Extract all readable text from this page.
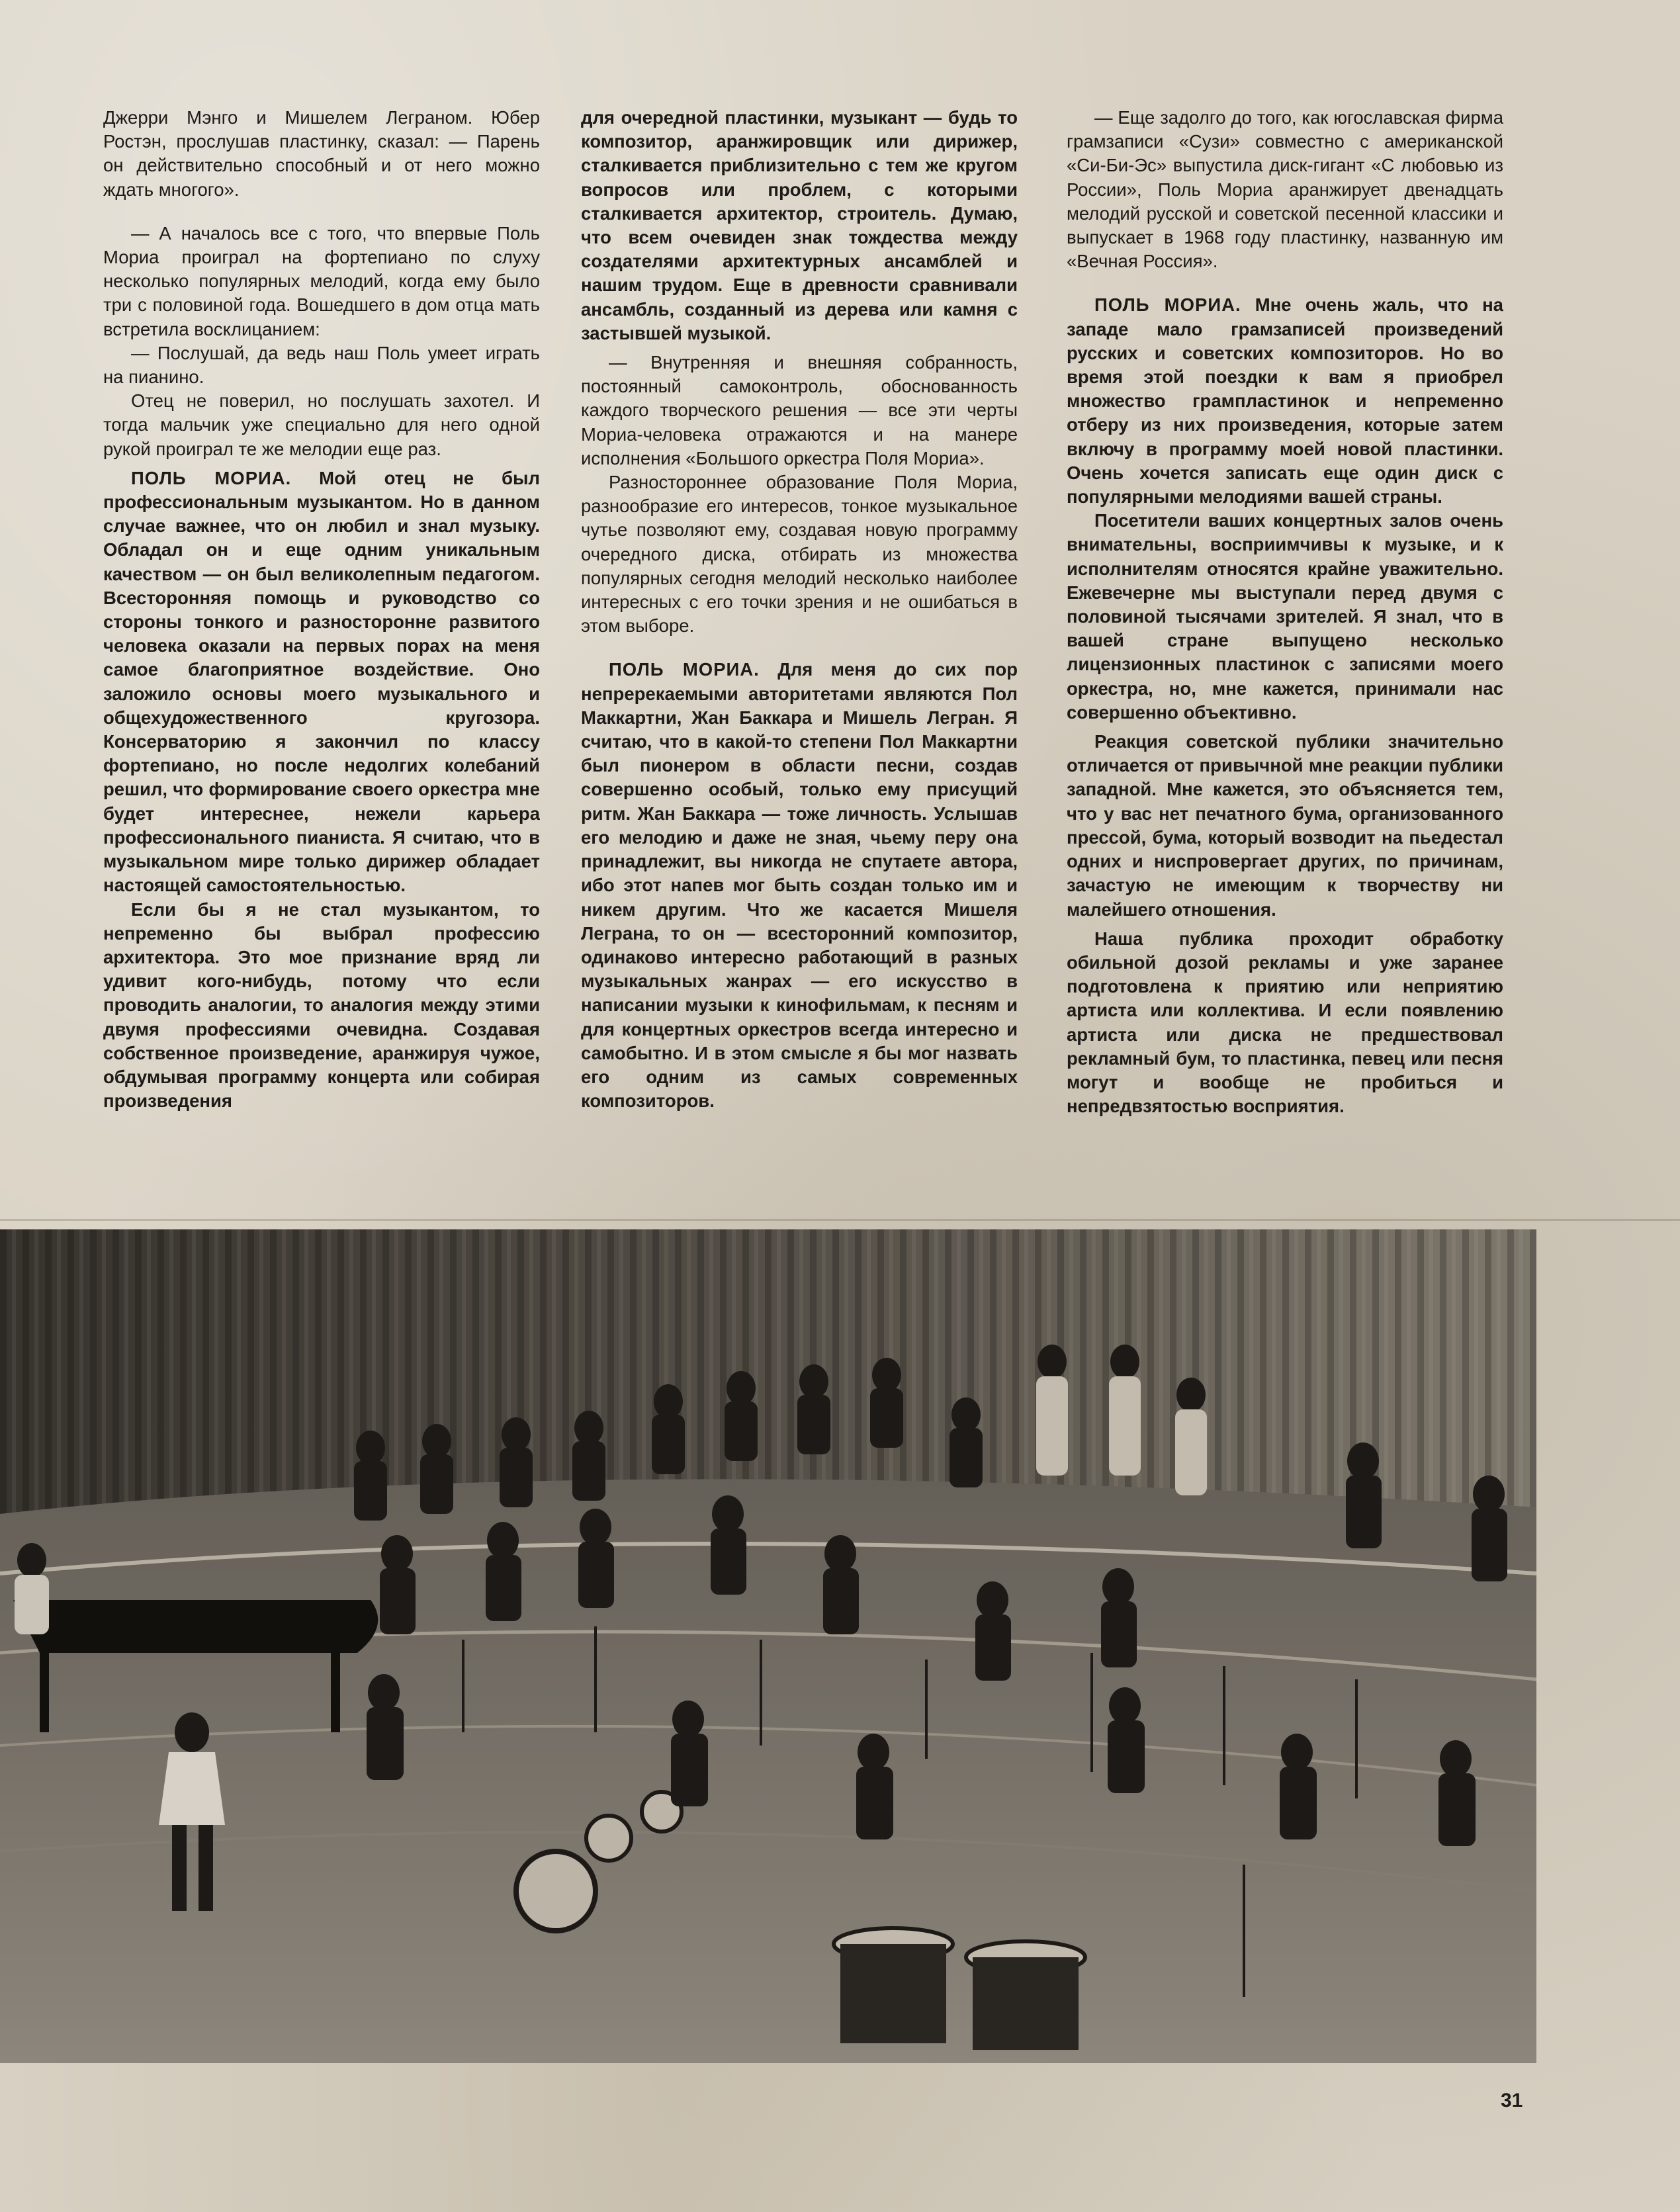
Джерри Мэнго и Мишелем Леграном. Юбер Ростэн, прослушав пластинку, сказал: — Парень он действительно способный и от него можно ждать многого».

— А началось все с того, что впервые Поль Мориа проиграл на фортепиано по слуху несколько популярных мелодий, когда ему было три с половиной года. Вошедшего в дом отца мать встретила восклицанием:

— Послушай, да ведь наш Поль умеет играть на пианино.

Отец не поверил, но послушать захотел. И тогда мальчик уже специально для него одной рукой проиграл те же мелодии еще раз.

ПОЛЬ МОРИА. Мой отец не был профессиональным музыкантом. Но в данном случае важнее, что он любил и знал музыку. Обладал он и еще одним уникальным качеством — он был великолепным педагогом. Всесторонняя помощь и руководство со стороны тонкого и разносторонне развитого человека оказали на первых порах на меня самое благоприятное воздействие. Оно заложило основы моего музыкального и общехудожественного кругозора. Консерваторию я закончил по классу фортепиано, но после недолгих колебаний решил, что формирование своего оркестра мне будет интереснее, нежели карьера профессионального пианиста. Я считаю, что в музыкальном мире только дирижер обладает настоящей самостоятельностью.

Если бы я не стал музыкантом, то непременно бы выбрал профессию архитектора. Это мое признание вряд ли удивит кого-нибудь, потому что если проводить аналогии, то аналогия между этими двумя профессиями очевидна. Создавая собственное произведение, аранжируя чужое, обдумывая программу концерта или собирая произведения

для очередной пластинки, музыкант — будь то композитор, аранжировщик или дирижер, сталкивается приблизительно с тем же кругом вопросов или проблем, с которыми сталкивается архитектор, строитель. Думаю, что всем очевиден знак тождества между создателями архитектурных ансамблей и нашим трудом. Еще в древности сравнивали ансамбль, созданный из дерева или камня с застывшей музыкой.

— Внутренняя и внешняя собранность, постоянный самоконтроль, обоснованность каждого творческого решения — все эти черты Мориа-человека отражаются и на манере исполнения «Большого оркестра Поля Мориа».

Разностороннее образование Поля Мориа, разнообразие его интересов, тонкое музыкальное чутье позволяют ему, создавая новую программу очередного диска, отбирать из множества популярных сегодня мелодий несколько наиболее интересных с его точки зрения и не ошибаться в этом выборе.

ПОЛЬ МОРИА. Для меня до сих пор непререкаемыми авторитетами являются Пол Маккартни, Жан Баккара и Мишель Легран. Я считаю, что в какой-то степени Пол Маккартни был пионером в области песни, создав совершенно особый, только ему присущий ритм. Жан Баккара — тоже личность. Услышав его мелодию и даже не зная, чьему перу она принадлежит, вы никогда не спутаете автора, ибо этот напев мог быть создан только им и никем другим. Что же касается Мишеля Леграна, то он — всесторонний композитор, одинаково интересно работающий в разных музыкальных жанрах — его искусство в написании музыки к кинофильмам, к песням и для концертных оркестров всегда интересно и самобытно. И в этом смысле я бы мог назвать его одним из самых современных композиторов.

— Еще задолго до того, как югославская фирма грамзаписи «Сузи» совместно с американской «Си-Би-Эс» выпустила диск-гигант «С любовью из России», Поль Мориа аранжирует двенадцать мелодий русской и советской песенной классики и выпускает в 1968 году пластинку, названную им «Вечная Россия».

ПОЛЬ МОРИА. Мне очень жаль, что на западе мало грамзаписей произведений русских и советских композиторов. Но во время этой поездки к вам я приобрел множество грампластинок и непременно отберу из них произведения, которые затем включу в программу моей новой пластинки. Очень хочется записать еще один диск с популярными мелодиями вашей страны.

Посетители ваших концертных залов очень внимательны, восприимчивы к музыке, и к исполнителям относятся крайне уважительно. Ежевечерне мы выступали перед двумя с половиной тысячами зрителей. Я знал, что в вашей стране выпущено несколько лицензионных пластинок с записями моего оркестра, но, мне кажется, принимали нас совершенно объективно.

Реакция советской публики значительно отличается от привычной мне реакции публики западной. Мне кажется, это объясняется тем, что у вас нет печатного бума, организованного прессой, бума, который возводит на пьедестал одних и ниспровергает других, по причинам, зачастую не имеющим к творчеству ни малейшего отношения.

Наша публика проходит обработку обильной дозой рекламы и уже заранее подготовлена к приятию или неприятию артиста или коллектива. И если появлению артиста или диска не предшествовал рекламный бум, то пластинка, певец или песня могут и вообще не пробиться и непредвзятостью восприятия.

31
